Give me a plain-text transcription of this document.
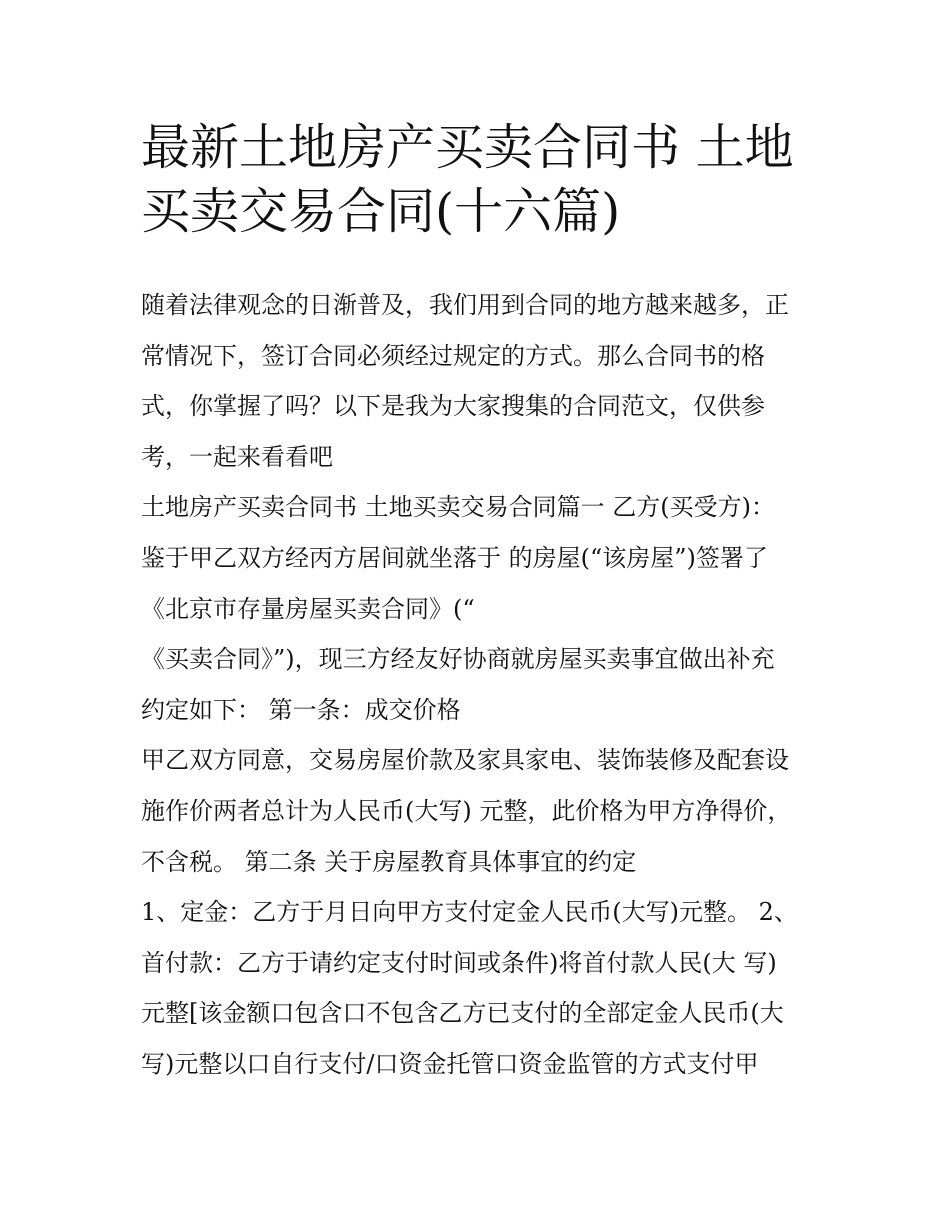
最新土地房产买卖合同书 土地
买卖交易合同(十六篇)
随着法律观念的日渐普及，我们用到合同的地方越来越多，正
常情况下，签订合同必须经过规定的方式。那么合同书的格
式，你掌握了吗？以下是我为大家搜集的合同范文，仅供参
考，一起来看看吧
土地房产买卖合同书 土地买卖交易合同篇一 乙方(买受方)：
鉴于甲乙双方经丙方居间就坐落于 的房屋(“该房屋”)签署了
《北京市存量房屋买卖合同》(“
《买卖合同》”)，现三方经友好协商就房屋买卖事宜做出补充
约定如下： 第一条：成交价格
甲乙双方同意，交易房屋价款及家具家电、装饰装修及配套设
施作价两者总计为人民币(大写) 元整，此价格为甲方净得价，
不含税。 第二条 关于房屋教育具体事宜的约定
1、定金：乙方于月日向甲方支付定金人民币(大写)元整。 2、
首付款：乙方于请约定支付时间或条件)将首付款人民(大 写)
元整[该金额口包含口不包含乙方已支付的全部定金人民币(大
写)元整以口自行支付/口资金托管口资金监管的方式支付甲
